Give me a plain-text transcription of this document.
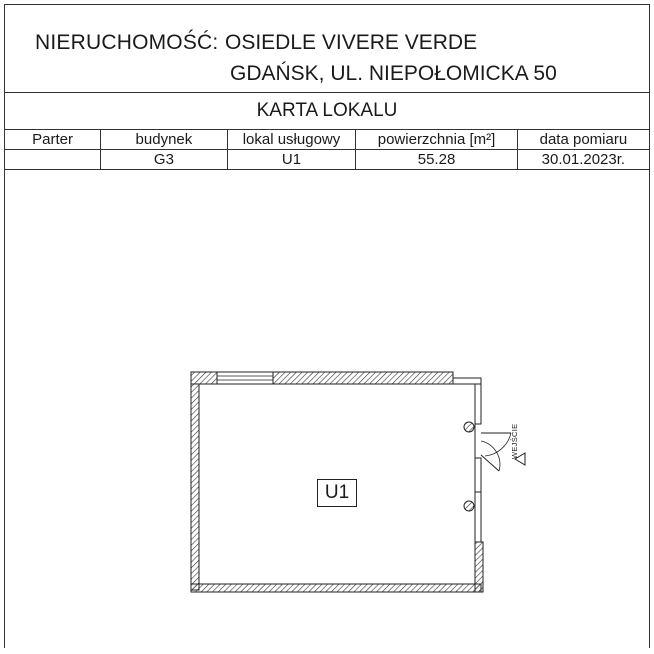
NIERUCHOMOŚĆ: OSIEDLE VIVERE VERDE
GDAŃSK, UL. NIEPOŁOMICKA 50
KARTA LOKALU
Parter	budynek	lokal usługowy	powierzchnia [m²]	data pomiaru
	G3	U1	55.28	30.01.2023r.
U1
WEJŚCIE
